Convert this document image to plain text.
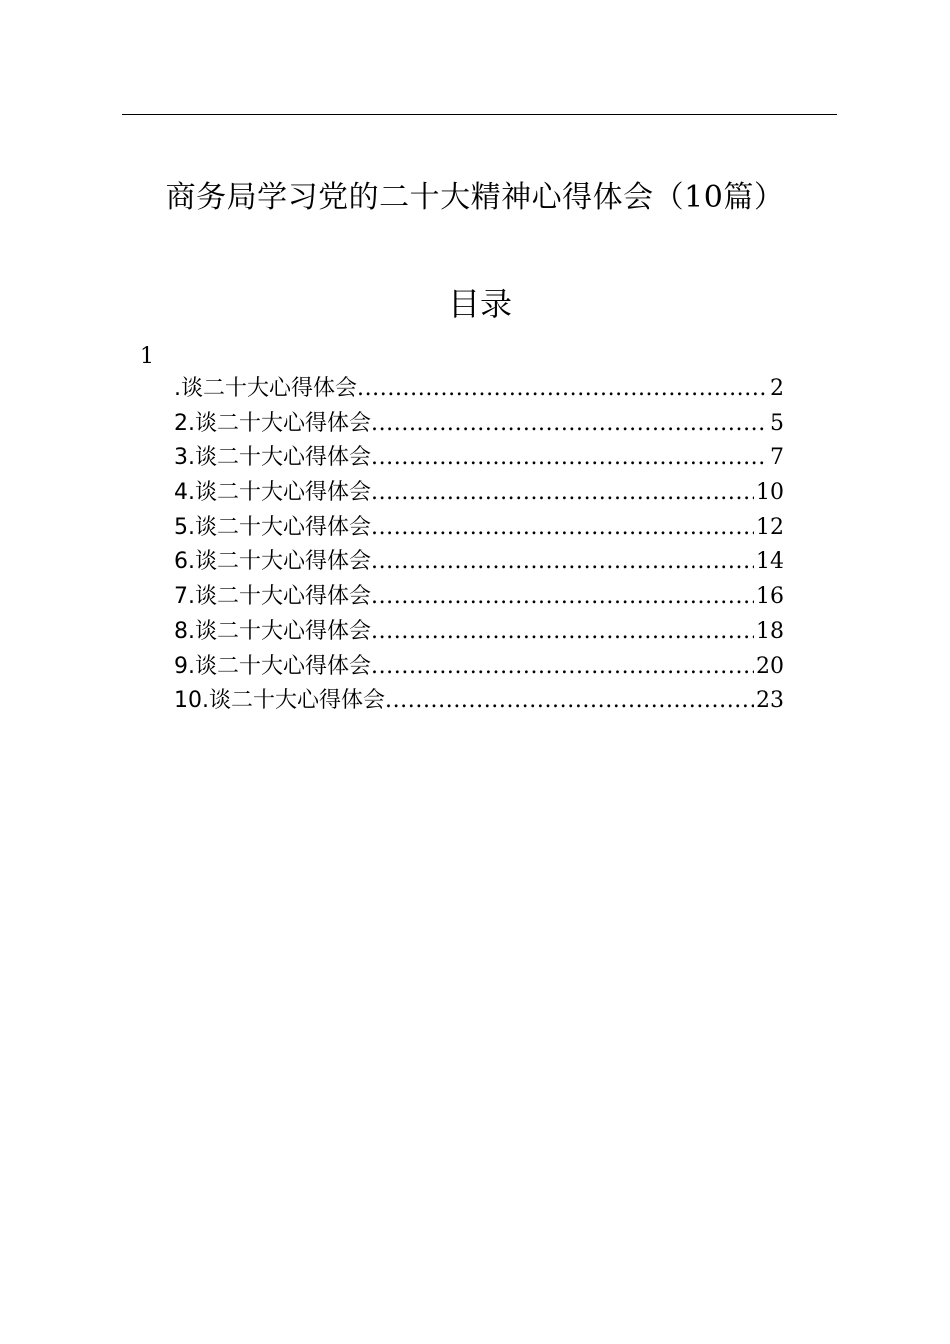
商务局学习党的二十大精神心得体会（10篇）
目录
1
.谈二十大心得体会 .....	2
2.谈二十大心得体会 .....	5
3.谈二十大心得体会 .....	7
4.谈二十大心得体会 .....	10
5.谈二十大心得体会 .....	12
6.谈二十大心得体会 .....	14
7.谈二十大心得体会 .....	16
8.谈二十大心得体会 .....	18
9.谈二十大心得体会 .....	20
10.谈二十大心得体会 .....	23
